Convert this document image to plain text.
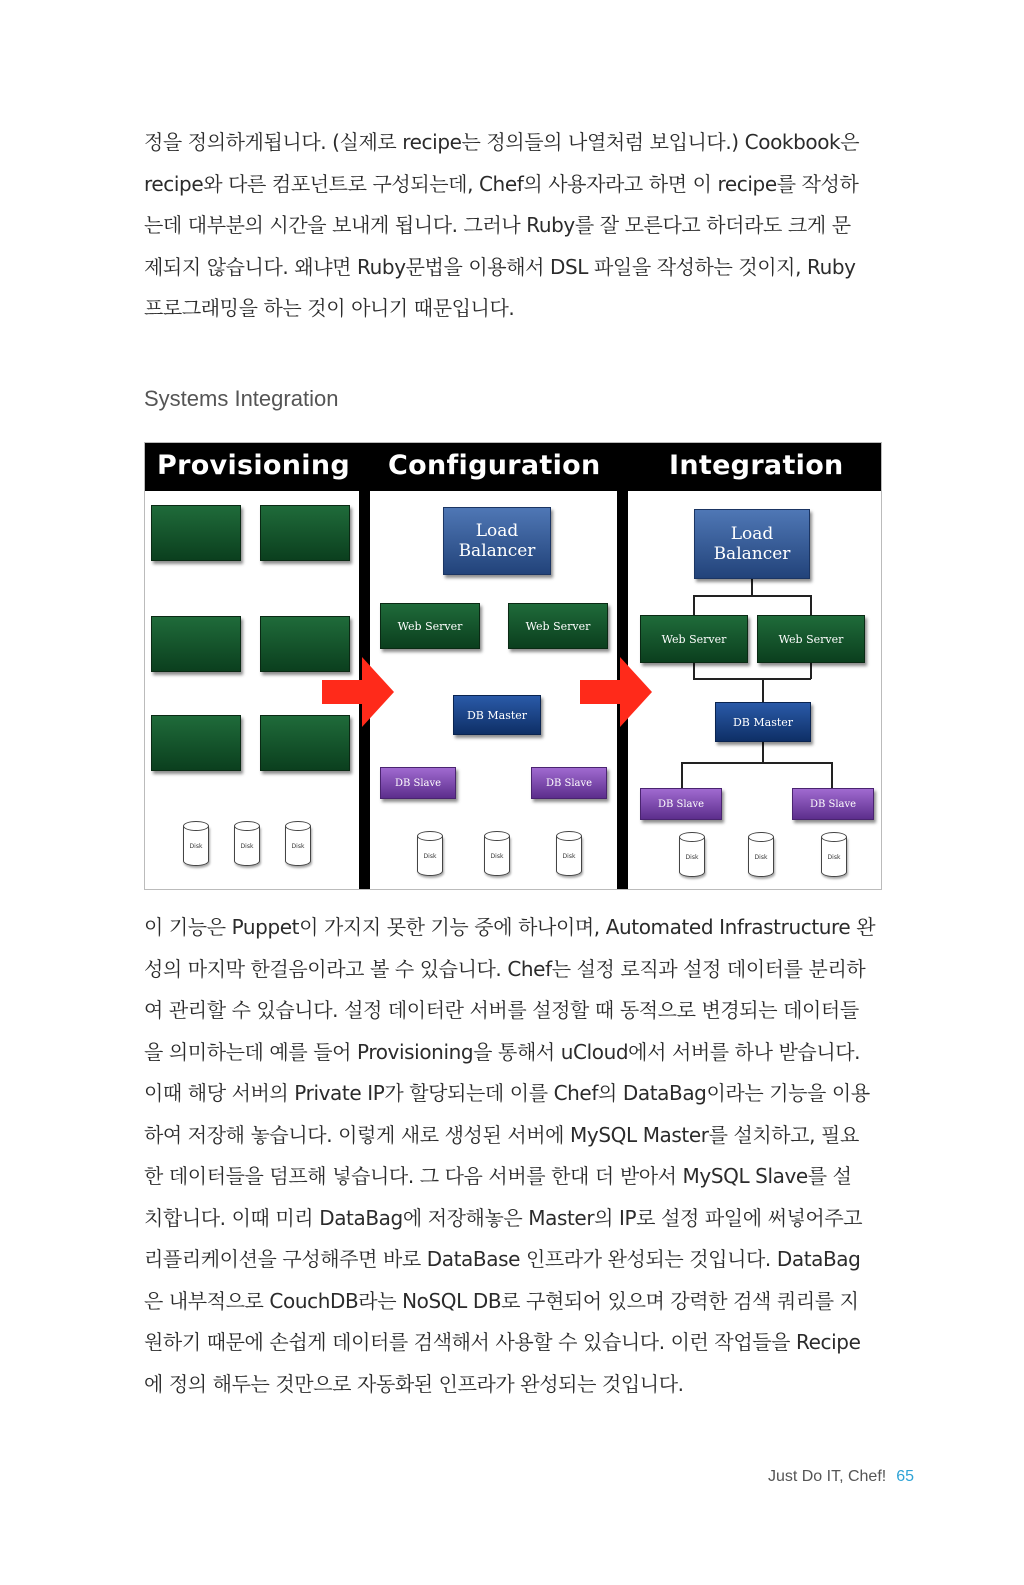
정을 정의하게됩니다. (실제로 recipe는 정의들의 나열처럼 보입니다.) Cookbook은
recipe와 다른 컴포넌트로 구성되는데, Chef의 사용자라고 하면 이 recipe를 작성하
는데 대부분의 시간을 보내게 됩니다. 그러나 Ruby를 잘 모른다고 하더라도 크게 문
제되지 않습니다. 왜냐면 Ruby문법을 이용해서 DSL 파일을 작성하는 것이지, Ruby
프로그래밍을 하는 것이 아니기 때문입니다.
Systems Integration
Provisioning Configuration	Integration
Disk	Disk	Disk
Load Balancer
Web Server	Web Server
DB Master
DB Slave	DB Slave
Disk	Disk	Disk
Load Balancer
Web Server	Web Server
DB Master
DB Slave	DB Slave
Disk	Disk	Disk
이 기능은 Puppet이 가지지 못한 기능 중에 하나이며, Automated Infrastructure 완
성의 마지막 한걸음이라고 볼 수 있습니다. Chef는 설정 로직과 설정 데이터를 분리하
여 관리할 수 있습니다. 설정 데이터란 서버를 설정할 때 동적으로 변경되는 데이터들
을 의미하는데 예를 들어 Provisioning을 통해서 uCloud에서 서버를 하나 받습니다.
이때 해당 서버의 Private IP가 할당되는데 이를 Chef의 DataBag이라는 기능을 이용
하여 저장해 놓습니다. 이렇게 새로 생성된 서버에 MySQL Master를 설치하고, 필요
한 데이터들을 덤프해 넣습니다. 그 다음 서버를 한대 더 받아서 MySQL Slave를 설
치합니다. 이때 미리 DataBag에 저장해놓은 Master의 IP로 설정 파일에 써넣어주고
리플리케이션을 구성해주면 바로 DataBase 인프라가 완성되는 것입니다. DataBag
은 내부적으로 CouchDB라는 NoSQL DB로 구현되어 있으며 강력한 검색 쿼리를 지
원하기 때문에 손쉽게 데이터를 검색해서 사용할 수 있습니다. 이런 작업들을 Recipe
에 정의 해두는 것만으로 자동화된 인프라가 완성되는 것입니다.
Just Do IT, Chef! 65
